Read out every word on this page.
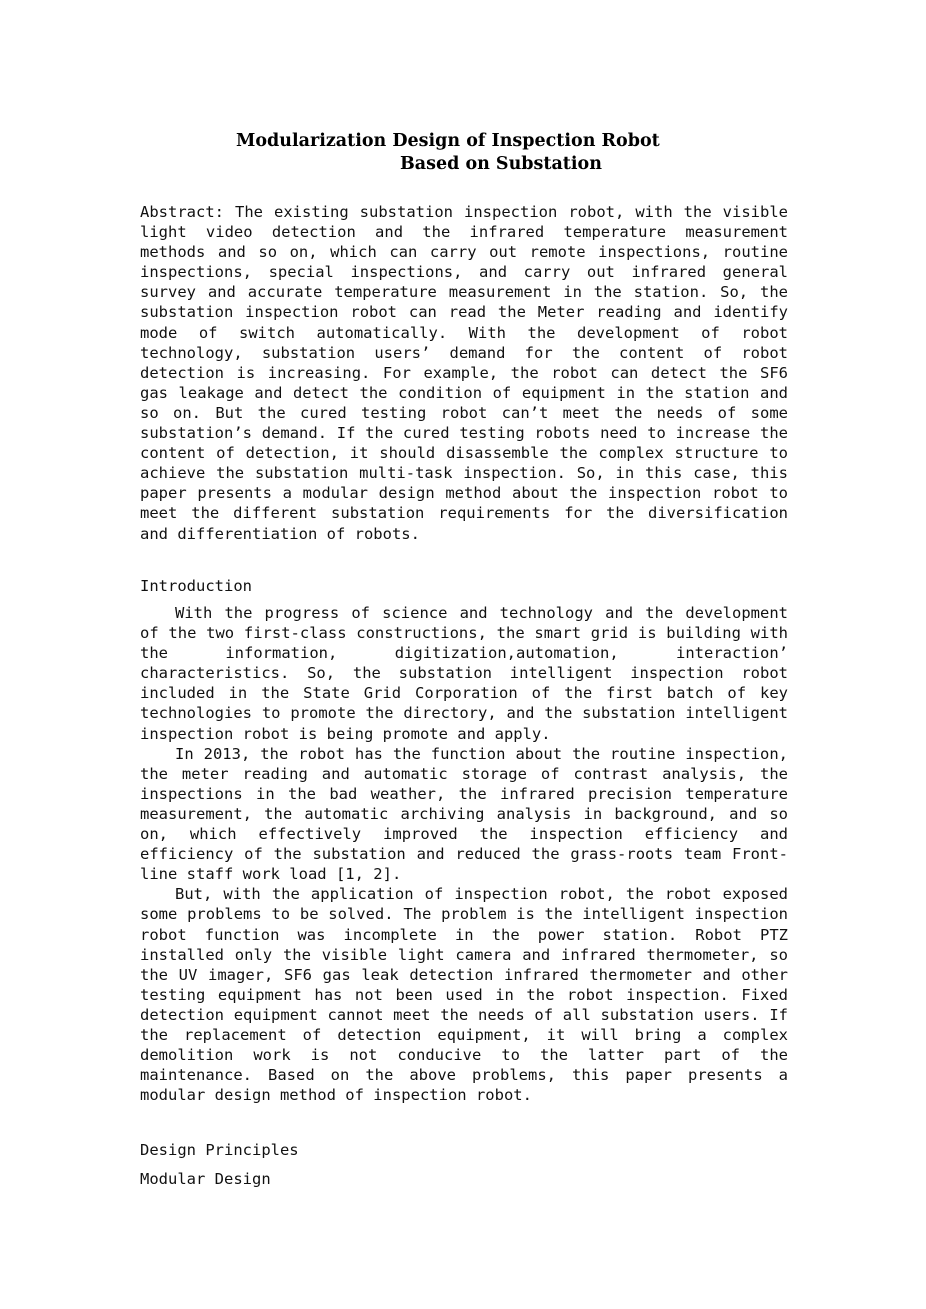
Modularization Design of Inspection Robot
Based on Substation

Abstract: The existing substation inspection robot, with the visible light video detection and the infrared temperature measurement methods and so on, which can carry out remote inspections, routine inspections, special inspections, and carry out infrared general survey and accurate temperature measurement in the station. So, the substation inspection robot can read the Meter reading and identify mode of switch automatically. With the development of robot technology, substation users’ demand for the content of robot detection is increasing. For example, the robot can detect the SF6 gas leakage and detect the condition of equipment in the station and so on. But the cured testing robot can’t meet the needs of some substation’s demand. If the cured testing robots need to increase the content of detection, it should disassemble the complex structure to achieve the substation multi-task inspection. So, in this case, this paper presents a modular design method about the inspection robot to meet the different substation requirements for the diversification and differentiation of robots.

Introduction

With the progress of science and technology and the development of the two first-class constructions, the smart grid is building with the information, digitization,automation, interaction’ characteristics. So, the substation intelligent inspection robot included in the State Grid Corporation of the first batch of key technologies to promote the directory, and the substation intelligent inspection robot is being promote and apply.

In 2013, the robot has the function about the routine inspection, the meter reading and automatic storage of contrast analysis, the inspections in the bad weather, the infrared precision temperature measurement, the automatic archiving analysis in background, and so on, which effectively improved the inspection efficiency and efficiency of the substation and reduced the grass-roots team Front-line staff work load [1, 2].

But, with the application of inspection robot, the robot exposed some problems to be solved. The problem is the intelligent inspection robot function was incomplete in the power station. Robot PTZ installed only the visible light camera and infrared thermometer, so the UV imager, SF6 gas leak detection infrared thermometer and other testing equipment has not been used in the robot inspection. Fixed detection equipment cannot meet the needs of all substation users. If the replacement of detection equipment, it will bring a complex demolition work is not conducive to the latter part of the maintenance. Based on the above problems, this paper presents a modular design method of inspection robot.

Design Principles

Modular Design
